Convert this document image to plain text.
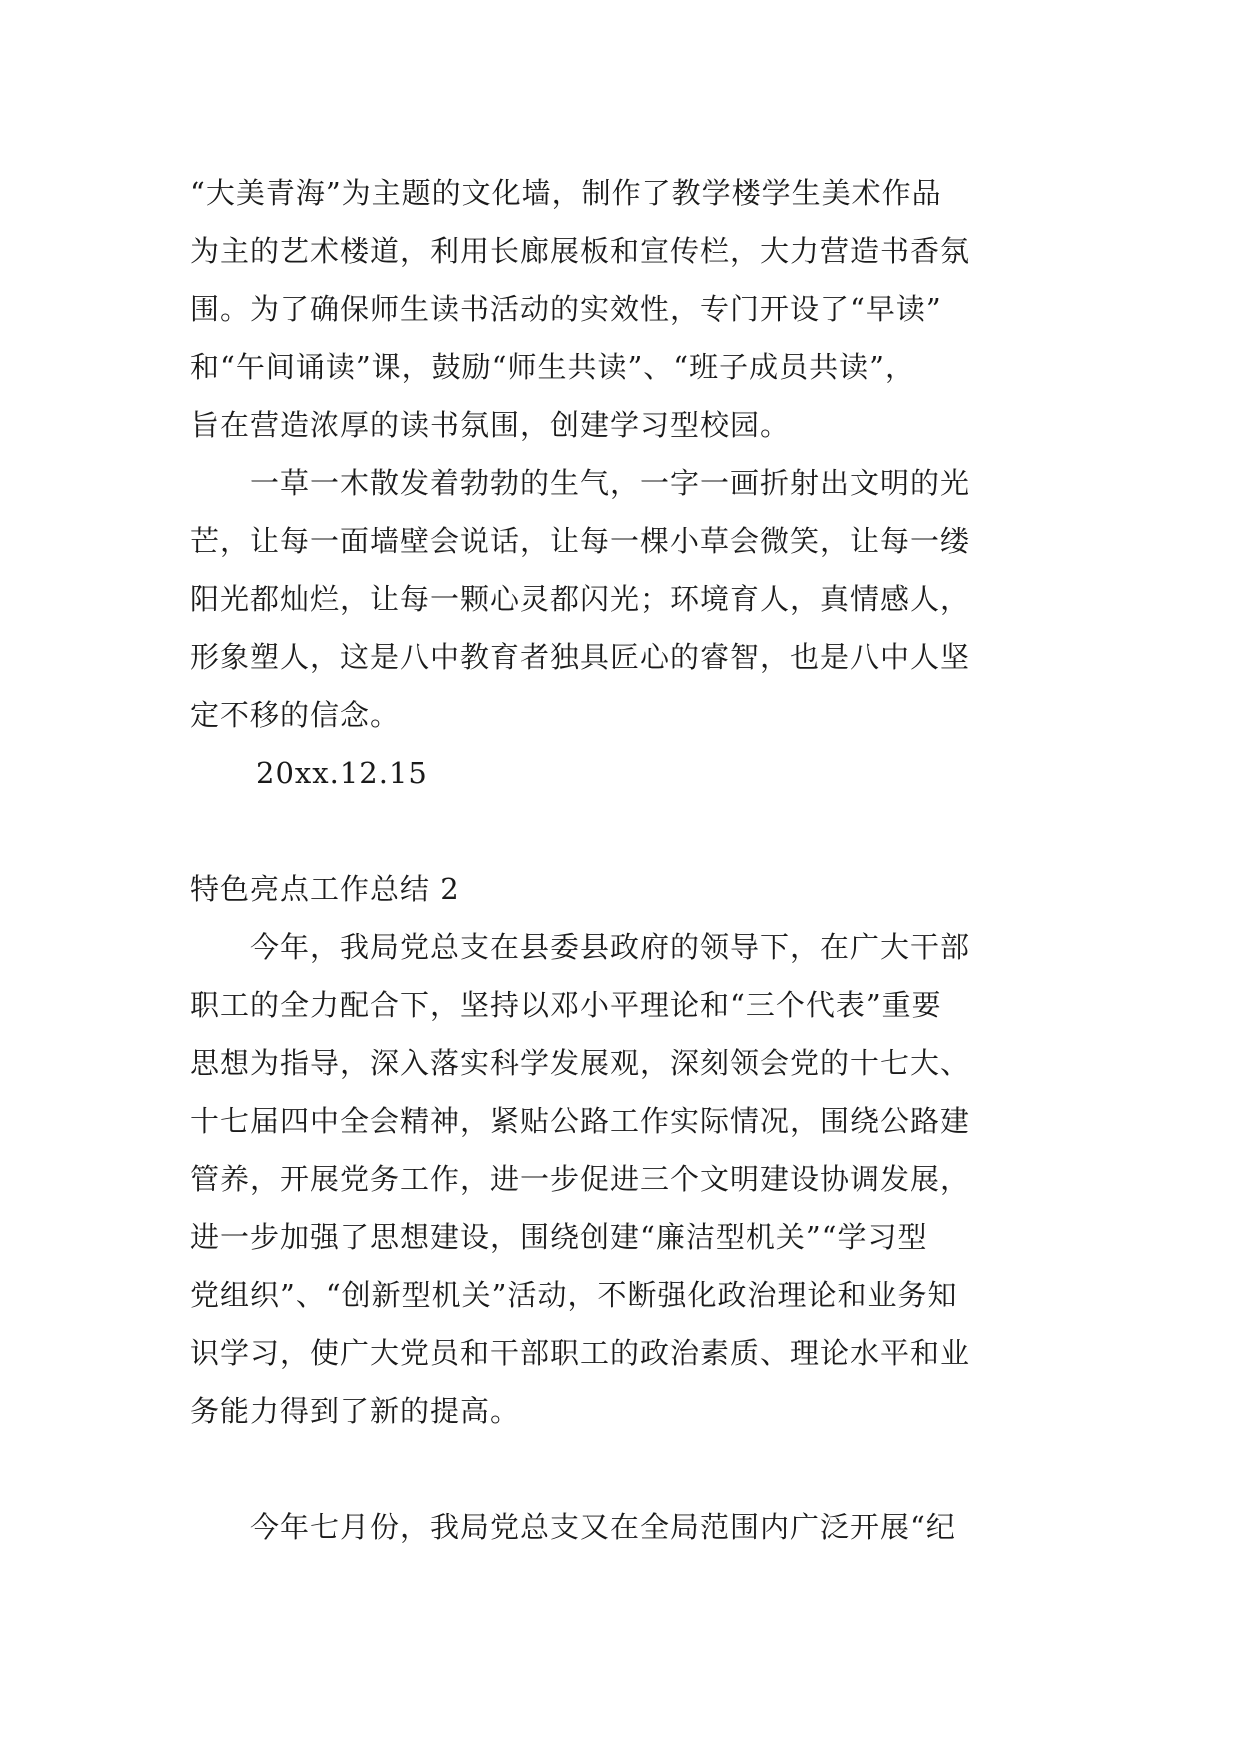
“大美青海”为主题的文化墙，制作了教学楼学生美术作品
为主的艺术楼道，利用长廊展板和宣传栏，大力营造书香氛
围。为了确保师生读书活动的实效性，专门开设了“早读”
和“午间诵读”课，鼓励“师生共读”、“班子成员共读”，
旨在营造浓厚的读书氛围，创建学习型校园。
　　一草一木散发着勃勃的生气，一字一画折射出文明的光
芒，让每一面墙壁会说话，让每一棵小草会微笑，让每一缕
阳光都灿烂，让每一颗心灵都闪光；环境育人，真情感人，
形象塑人，这是八中教育者独具匠心的睿智，也是八中人坚
定不移的信念。
20xx.12.15
特色亮点工作总结 2
　　今年，我局党总支在县委县政府的领导下，在广大干部
职工的全力配合下，坚持以邓小平理论和“三个代表”重要
思想为指导，深入落实科学发展观，深刻领会党的十七大、
十七届四中全会精神，紧贴公路工作实际情况，围绕公路建
管养，开展党务工作，进一步促进三个文明建设协调发展，
进一步加强了思想建设，围绕创建“廉洁型机关”“学习型
党组织”、“创新型机关”活动，不断强化政治理论和业务知
识学习，使广大党员和干部职工的政治素质、理论水平和业
务能力得到了新的提高。
　　今年七月份，我局党总支又在全局范围内广泛开展“纪
